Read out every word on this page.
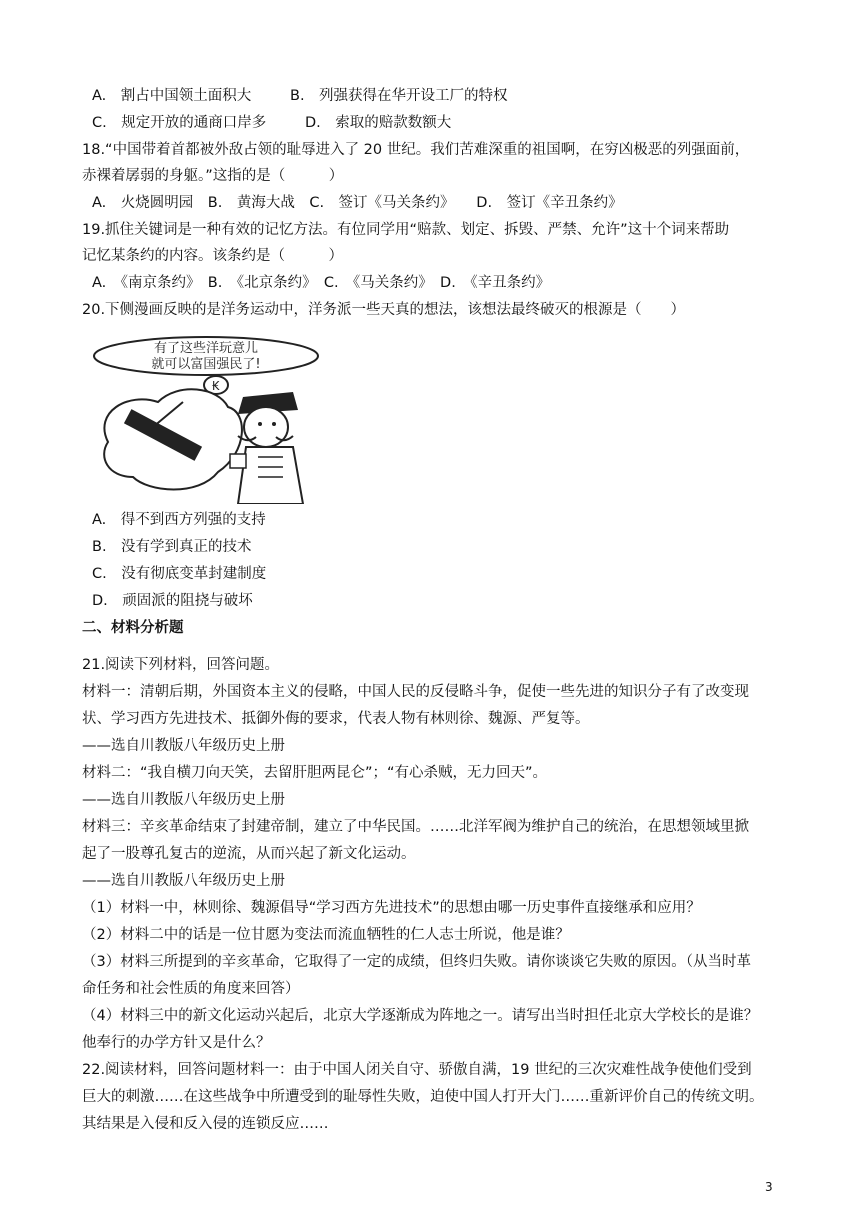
A.　割占中国领土面积大	B.　列强获得在华开设工厂的特权
C.　规定开放的通商口岸多	D.　索取的赔款数额大
18.“中国带着首都被外敌占领的耻辱进入了 20 世纪。我们苦难深重的祖国啊，在穷凶极恶的列强面前，
赤裸着孱弱的身躯。”这指的是（　　　）
A.　火烧圆明园　B.　黄海大战　C.　签订《马关条约》　　D.　签订《辛丑条约》
19.抓住关键词是一种有效的记忆方法。有位同学用“赔款、划定、拆毁、严禁、允许”这十个词来帮助
记忆某条约的内容。该条约是（　　　）
A.　《南京条约》　B.　《北京条约》　C.　《马关条约》　D.　《辛丑条约》
20.下侧漫画反映的是洋务运动中，洋务派一些天真的想法，该想法最终破灭的根源是（　　）
有了这些洋玩意儿
就可以富国强民了!
₭
A.　得不到西方列强的支持
B.　没有学到真正的技术
C.　没有彻底变革封建制度
D.　顽固派的阻挠与破坏
二、材料分析题
21.阅读下列材料，回答问题。
材料一：清朝后期，外国资本主义的侵略，中国人民的反侵略斗争，促使一些先进的知识分子有了改变现
状、学习西方先进技术、抵御外侮的要求，代表人物有林则徐、魏源、严复等。
——选自川教版八年级历史上册
材料二：“我自横刀向天笑，去留肝胆两昆仑”；“有心杀贼，无力回天”。
——选自川教版八年级历史上册
材料三：辛亥革命结束了封建帝制，建立了中华民国。……北洋军阀为维护自己的统治，在思想领域里掀
起了一股尊孔复古的逆流，从而兴起了新文化运动。
——选自川教版八年级历史上册
（1）材料一中，林则徐、魏源倡导“学习西方先进技术”的思想由哪一历史事件直接继承和应用？
（2）材料二中的话是一位甘愿为变法而流血牺牲的仁人志士所说，他是谁？
（3）材料三所提到的辛亥革命，它取得了一定的成绩，但终归失败。请你谈谈它失败的原因。（从当时革
命任务和社会性质的角度来回答）
（4）材料三中的新文化运动兴起后，北京大学逐渐成为阵地之一。请写出当时担任北京大学校长的是谁？
他奉行的办学方针又是什么？
22.阅读材料，回答问题材料一：由于中国人闭关自守、骄傲自满，19 世纪的三次灾难性战争使他们受到
巨大的刺激……在这些战争中所遭受到的耻辱性失败，迫使中国人打开大门……重新评价自己的传统文明。
其结果是入侵和反入侵的连锁反应……
3
